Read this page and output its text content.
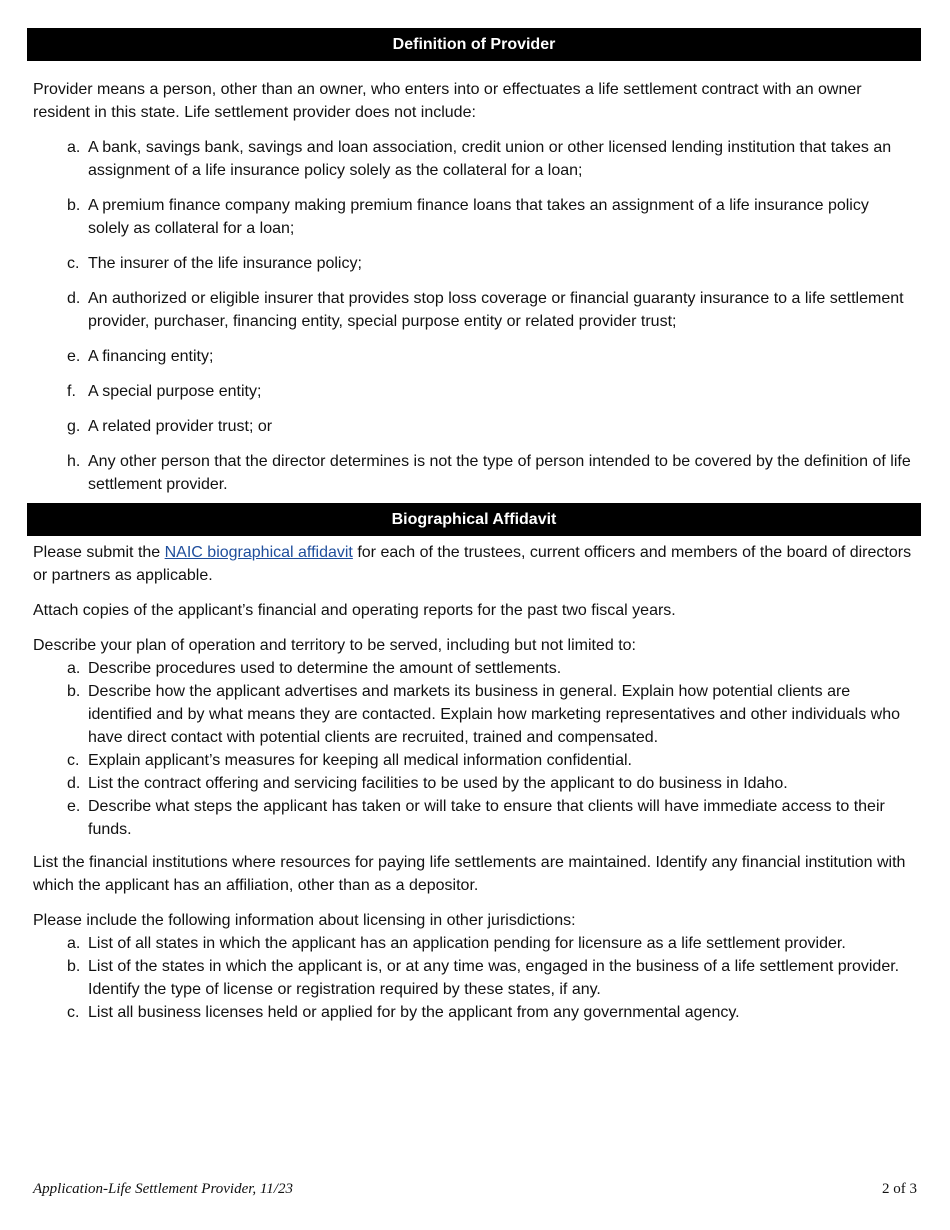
Definition of Provider

Provider means a person, other than an owner, who enters into or effectuates a life settlement contract with an owner resident in this state. Life settlement provider does not include:

a. A bank, savings bank, savings and loan association, credit union or other licensed lending institution that takes an assignment of a life insurance policy solely as the collateral for a loan;
b. A premium finance company making premium finance loans that takes an assignment of a life insurance policy solely as collateral for a loan;
c. The insurer of the life insurance policy;
d. An authorized or eligible insurer that provides stop loss coverage or financial guaranty insurance to a life settlement provider, purchaser, financing entity, special purpose entity or related provider trust;
e. A financing entity;
f. A special purpose entity;
g. A related provider trust; or
h. Any other person that the director determines is not the type of person intended to be covered by the definition of life settlement provider.
Biographical Affidavit

Please submit the NAIC biographical affidavit for each of the trustees, current officers and members of the board of directors or partners as applicable.

Attach copies of the applicant’s financial and operating reports for the past two fiscal years.

Describe your plan of operation and territory to be served, including but not limited to:

a. Describe procedures used to determine the amount of settlements.
b. Describe how the applicant advertises and markets its business in general. Explain how potential clients are identified and by what means they are contacted. Explain how marketing representatives and other individuals who have direct contact with potential clients are recruited, trained and compensated.
c. Explain applicant’s measures for keeping all medical information confidential.
d. List the contract offering and servicing facilities to be used by the applicant to do business in Idaho.
e. Describe what steps the applicant has taken or will take to ensure that clients will have immediate access to their funds.

List the financial institutions where resources for paying life settlements are maintained. Identify any financial institution with which the applicant has an affiliation, other than as a depositor.

Please include the following information about licensing in other jurisdictions:

a. List of all states in which the applicant has an application pending for licensure as a life settlement provider.
b. List of the states in which the applicant is, or at any time was, engaged in the business of a life settlement provider. Identify the type of license or registration required by these states, if any.
c. List all business licenses held or applied for by the applicant from any governmental agency.
Application-Life Settlement Provider, 11/23	2 of 3
